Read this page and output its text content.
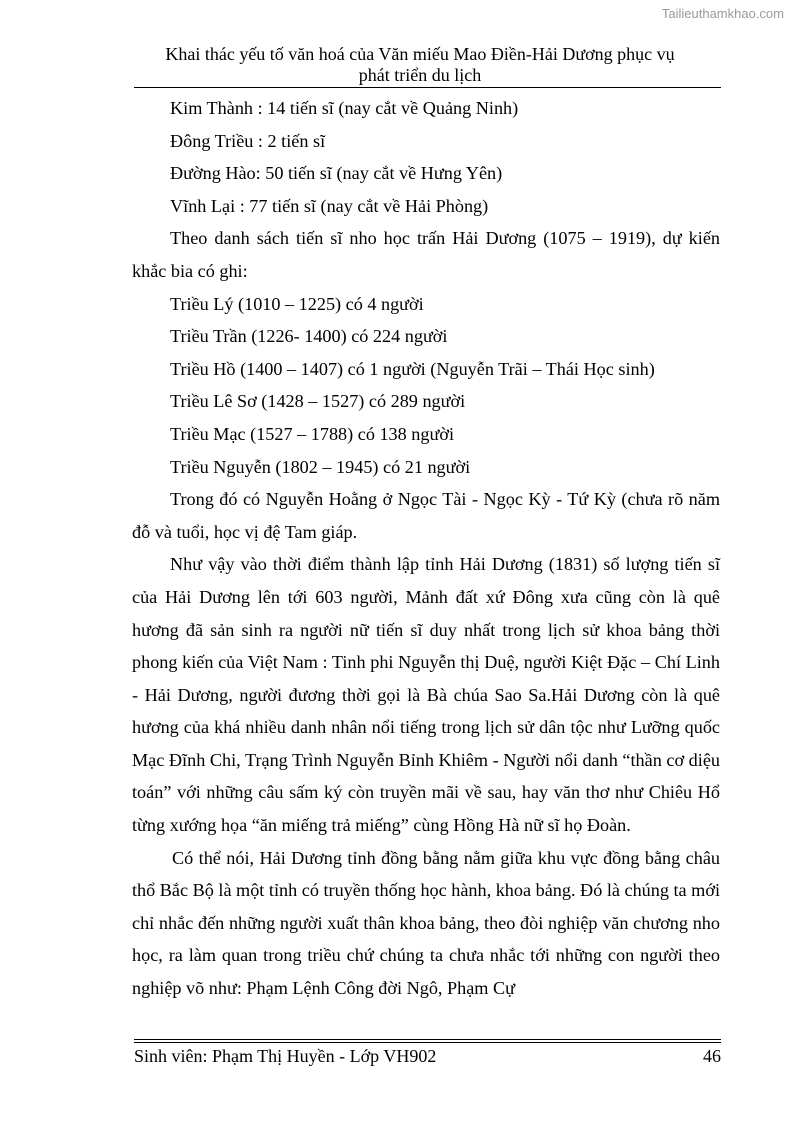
Tailieuthamkhao.com
Khai thác yếu tố văn hoá của Văn miếu Mao Điền-Hải Dương phục vụ
phát triển du lịch

Kim Thành : 14 tiến sĩ (nay cắt về Quảng Ninh)

Đông Triều : 2 tiến sĩ

Đường Hào: 50 tiến sĩ (nay cắt về Hưng Yên)

Vĩnh Lại : 77 tiến sĩ (nay cắt về Hải Phòng)

Theo danh sách tiến sĩ nho học trấn Hải Dương (1075 – 1919), dự kiến khắc bia có ghi:

Triều Lý (1010 – 1225) có 4 người

Triều Trần (1226- 1400) có 224 người

Triều Hồ (1400 – 1407) có 1 người (Nguyễn Trãi – Thái Học sinh)

Triều Lê Sơ (1428 – 1527) có 289 người

Triều Mạc (1527 – 1788) có 138 người

Triều Nguyễn (1802 – 1945) có 21 người

Trong đó có Nguyễn Hoằng ở Ngọc Tài - Ngọc Kỳ - Tứ Kỳ (chưa rõ năm đỗ và tuổi, học vị đệ Tam giáp.

Như vậy vào thời điểm thành lập tỉnh Hải Dương (1831) số lượng tiến sĩ của Hải Dương lên tới 603 người, Mảnh đất xứ Đông xưa cũng còn là quê hương đã sản sinh ra người nữ tiến sĩ duy nhất trong lịch sử khoa bảng thời phong kiến của Việt Nam : Tinh phi Nguyễn thị Duệ, người Kiệt Đặc – Chí Linh - Hải Dương, người đương thời gọi là Bà chúa Sao Sa.Hải Dương còn là quê hương của khá nhiều danh nhân nổi tiếng trong lịch sử dân tộc như Lưỡng quốc Mạc Đĩnh Chi, Trạng Trình Nguyễn Bỉnh Khiêm - Người nổi danh “thần cơ diệu toán” với những câu sấm ký còn truyền mãi về sau, hay văn thơ như Chiêu Hổ từng xướng họa “ăn miếng trả miếng” cùng Hồng Hà nữ sĩ họ Đoàn.

Có thể nói, Hải Dương tỉnh đồng bằng nằm giữa khu vực đồng bằng châu thổ Bắc Bộ là một tỉnh có truyền thống học hành, khoa bảng. Đó là chúng ta mới chỉ nhắc đến những người xuất thân khoa bảng, theo đòi nghiệp văn chương nho học, ra làm quan trong triều chứ chúng ta chưa nhắc tới những con người theo nghiệp võ như: Phạm Lệnh Công đời Ngô, Phạm Cự

Sinh viên: Phạm Thị Huyền - Lớp VH902	46
